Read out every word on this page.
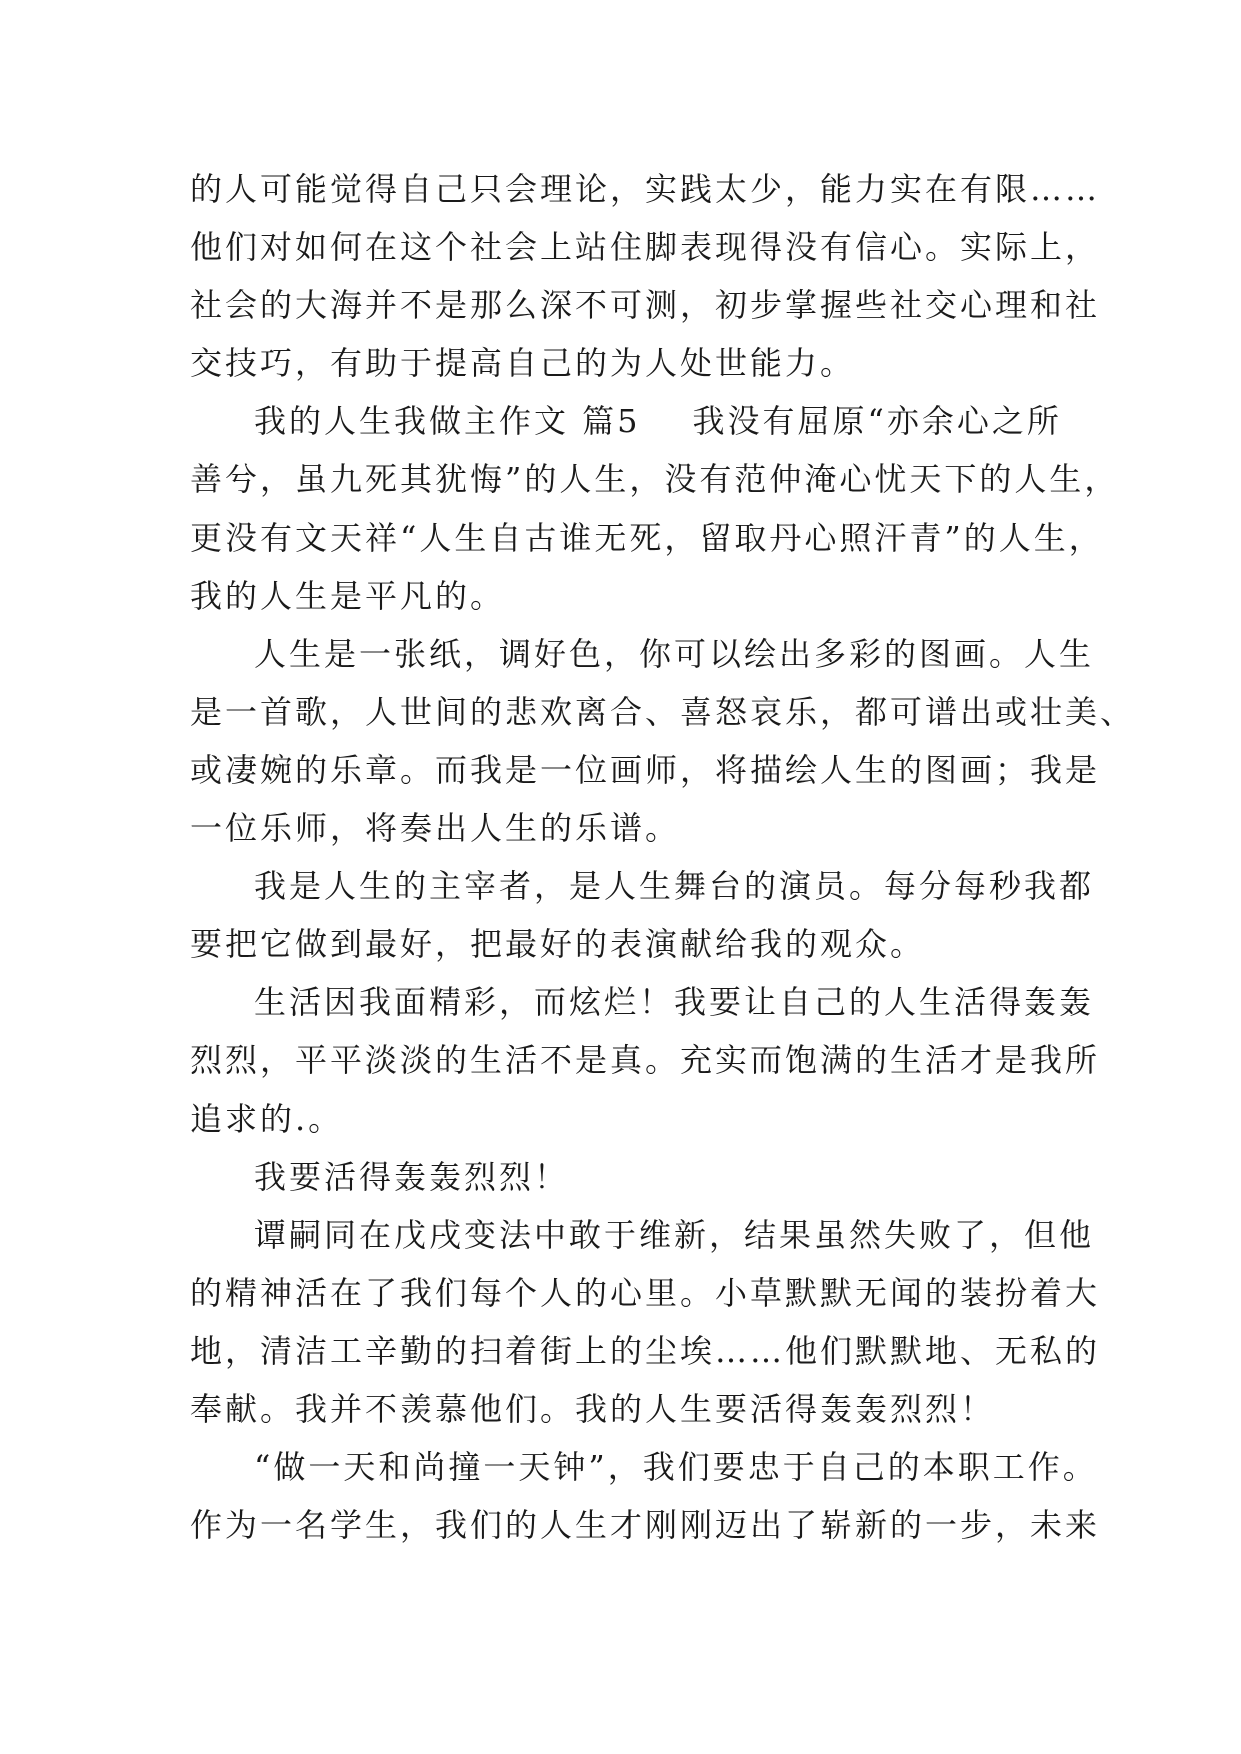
的人可能觉得自己只会理论，实践太少，能力实在有限……
他们对如何在这个社会上站住脚表现得没有信心。实际上，
社会的大海并不是那么深不可测，初步掌握些社交心理和社
交技巧，有助于提高自己的为人处世能力。
我的人生我做主作文 篇5 我没有屈原“亦余心之所
善兮，虽九死其犹悔”的人生，没有范仲淹心忧天下的人生，
更没有文天祥“人生自古谁无死，留取丹心照汗青”的人生，
我的人生是平凡的。
人生是一张纸，调好色，你可以绘出多彩的图画。人生
是一首歌，人世间的悲欢离合、喜怒哀乐，都可谱出或壮美、
或凄婉的乐章。而我是一位画师，将描绘人生的图画；我是
一位乐师，将奏出人生的乐谱。
我是人生的主宰者，是人生舞台的演员。每分每秒我都
要把它做到最好，把最好的表演献给我的观众。
生活因我面精彩，而炫烂！我要让自己的人生活得轰轰
烈烈，平平淡淡的生活不是真。充实而饱满的生活才是我所
追求的.。
我要活得轰轰烈烈！
谭嗣同在戊戌变法中敢于维新，结果虽然失败了，但他
的精神活在了我们每个人的心里。小草默默无闻的装扮着大
地，清洁工辛勤的扫着街上的尘埃……他们默默地、无私的
奉献。我并不羡慕他们。我的人生要活得轰轰烈烈！
“做一天和尚撞一天钟”，我们要忠于自己的本职工作。
作为一名学生，我们的人生才刚刚迈出了崭新的一步，未来
